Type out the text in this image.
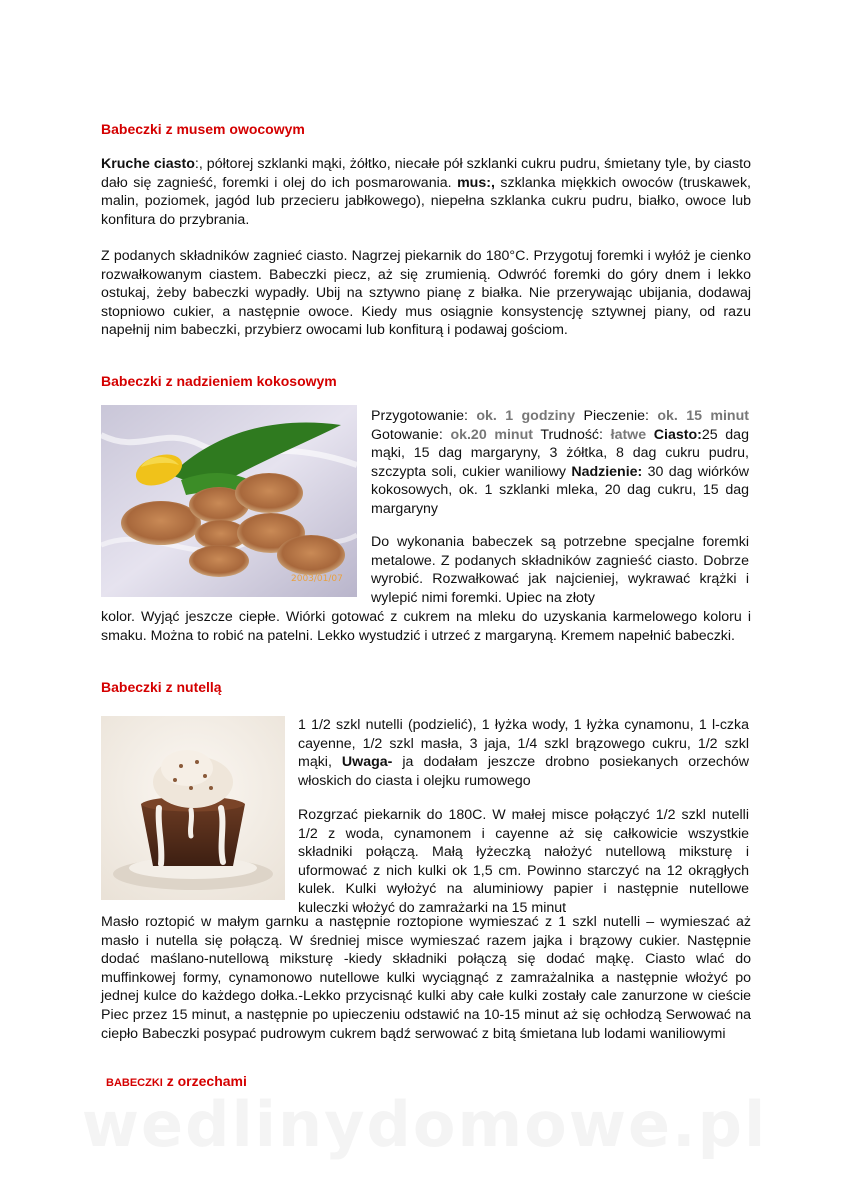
Babeczki z musem owocowym
Kruche ciasto:, półtorej szklanki mąki, żółtko, niecałe pół szklanki cukru pudru, śmietany tyle, by ciasto dało się zagnieść, foremki i olej do ich posmarowania. mus:, szklanka miękkich owoców (truskawek, malin, poziomek, jagód lub przecieru jabłkowego), niepełna szklanka cukru pudru, białko, owoce lub konfitura do przybrania.
Z podanych składników zagnieć ciasto. Nagrzej piekarnik do 180°C. Przygotuj foremki i wyłóż je cienko rozwałkowanym ciastem. Babeczki piecz, aż się zrumienią. Odwróć foremki do góry dnem i lekko ostukaj, żeby babeczki wypadły. Ubij na sztywno pianę z białka. Nie przerywając ubijania, dodawaj stopniowo cukier, a następnie owoce. Kiedy mus osiągnie konsystencję sztywnej piany, od razu napełnij nim babeczki, przybierz owocami lub konfiturą i podawaj gościom.
Babeczki z nadzieniem kokosowym
2003/01/07
Przygotowanie: ok. 1 godziny Pieczenie: ok. 15 minut Gotowanie: ok.20 minut Trudność: łatwe Ciasto:25 dag mąki, 15 dag margaryny, 3 żółtka, 8 dag cukru pudru, szczypta soli, cukier waniliowy Nadzienie: 30 dag wiórków kokosowych, ok. 1 szklanki mleka, 20 dag cukru, 15 dag margaryny
Do wykonania babeczek są potrzebne specjalne foremki metalowe. Z podanych składników zagnieść ciasto. Dobrze wyrobić. Rozwałkować jak najcieniej, wykrawać krążki i wylepić nimi foremki. Upiec na złoty
kolor. Wyjąć jeszcze ciepłe. Wiórki gotować z cukrem na mleku do uzyskania karmelowego koloru i smaku. Można to robić na patelni. Lekko wystudzić i utrzeć z margaryną. Kremem napełnić babeczki.
Babeczki z nutellą
1 1/2 szkl nutelli (podzielić), 1 łyżka wody, 1 łyżka cynamonu, 1 l-czka cayenne, 1/2 szkl masła, 3 jaja, 1/4 szkl brązowego cukru, 1/2 szkl mąki, Uwaga- ja dodałam jeszcze drobno posiekanych orzechów włoskich do ciasta i olejku rumowego
Rozgrzać piekarnik do 180C. W małej misce połączyć 1/2 szkl nutelli 1/2 z woda, cynamonem i cayenne aż się całkowicie wszystkie składniki połączą. Małą łyżeczką nałożyć nutellową miksturę i uformować z nich kulki ok 1,5 cm. Powinno starczyć na 12 okrągłych kulek. Kulki wyłożyć na aluminiowy papier i następnie nutellowe kuleczki włożyć do zamrażarki na 15 minut
Masło roztopić w małym garnku a następnie roztopione wymieszać z 1 szkl nutelli – wymieszać aż masło i nutella się połączą. W średniej misce wymieszać razem jajka i brązowy cukier. Następnie dodać maślano-nutellową miksturę -kiedy składniki połączą się dodać mąkę. Ciasto wlać do muffinkowej formy, cynamonowo nutellowe kulki wyciągnąć z zamrażalnika a następnie włożyć po jednej kulce do każdego dołka.-Lekko przycisnąć kulki aby całe kulki zostały cale zanurzone w cieście Piec przez 15 minut, a następnie po upieczeniu odstawić na 10-15 minut aż się ochłodzą Serwować na ciepło Babeczki posypać pudrowym cukrem bądź serwować z bitą śmietana lub lodami waniliowymi
BABECZKI z orzechami
wedlinydomowe.pl
